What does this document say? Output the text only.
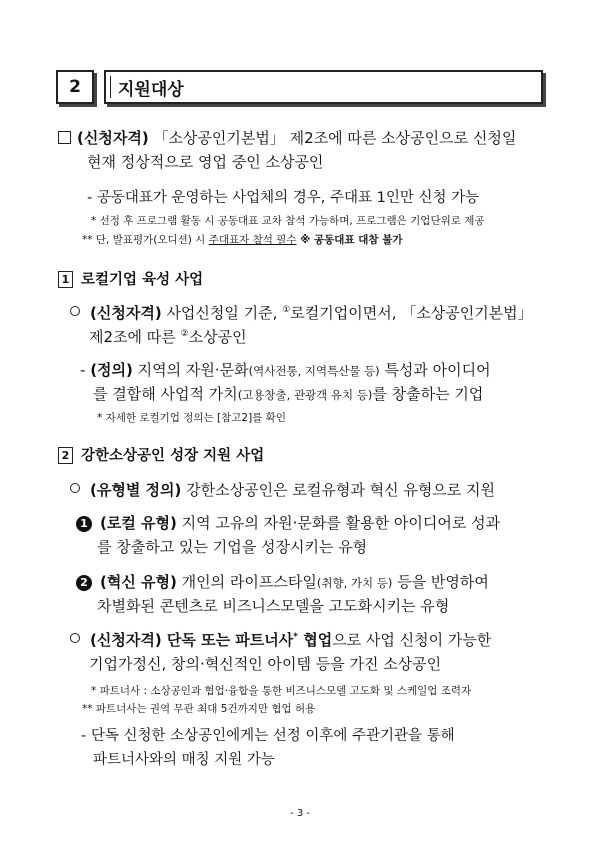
2	지원대상
(신청자격) 「소상공인기본법」 제2조에 따른 소상공인으로 신청일
현재 정상적으로 영업 중인 소상공인
- 공동대표가 운영하는 사업체의 경우, 주대표 1인만 신청 가능
* 선정 후 프로그램 활동 시 공동대표 교차 참석 가능하며, 프로그램은 기업단위로 제공
** 단, 발표평가(오디션) 시 주대표자 참석 필수 ※ 공동대표 대참 불가
1 로컬기업 육성 사업
(신청자격) 사업신청일 기준, ①로컬기업이면서, 「소상공인기본법」
제2조에 따른 ②소상공인
- (정의) 지역의 자원·문화(역사전통, 지역특산물 등) 특성과 아이디어
를 결합해 사업적 가치(고용창출, 관광객 유치 등)를 창출하는 기업
* 자세한 로컬기업 정의는 [참고2]를 확인
2 강한소상공인 성장 지원 사업
(유형별 정의) 강한소상공인은 로컬유형과 혁신 유형으로 지원
1 (로컬 유형) 지역 고유의 자원·문화를 활용한 아이디어로 성과
를 창출하고 있는 기업을 성장시키는 유형
2 (혁신 유형) 개인의 라이프스타일(취향, 가치 등) 등을 반영하여
차별화된 콘텐츠로 비즈니스모델을 고도화시키는 유형
(신청자격) 단독 또는 파트너사* 협업으로 사업 신청이 가능한
기업가정신, 창의·혁신적인 아이템 등을 가진 소상공인
* 파트너사 : 소상공인과 협업·융합을 통한 비즈니스모델 고도화 및 스케일업 조력자
** 파트너사는 권역 무관 최대 5건까지만 협업 허용
- 단독 신청한 소상공인에게는 선정 이후에 주관기관을 통해
파트너사와의 매칭 지원 가능
- 3 -
